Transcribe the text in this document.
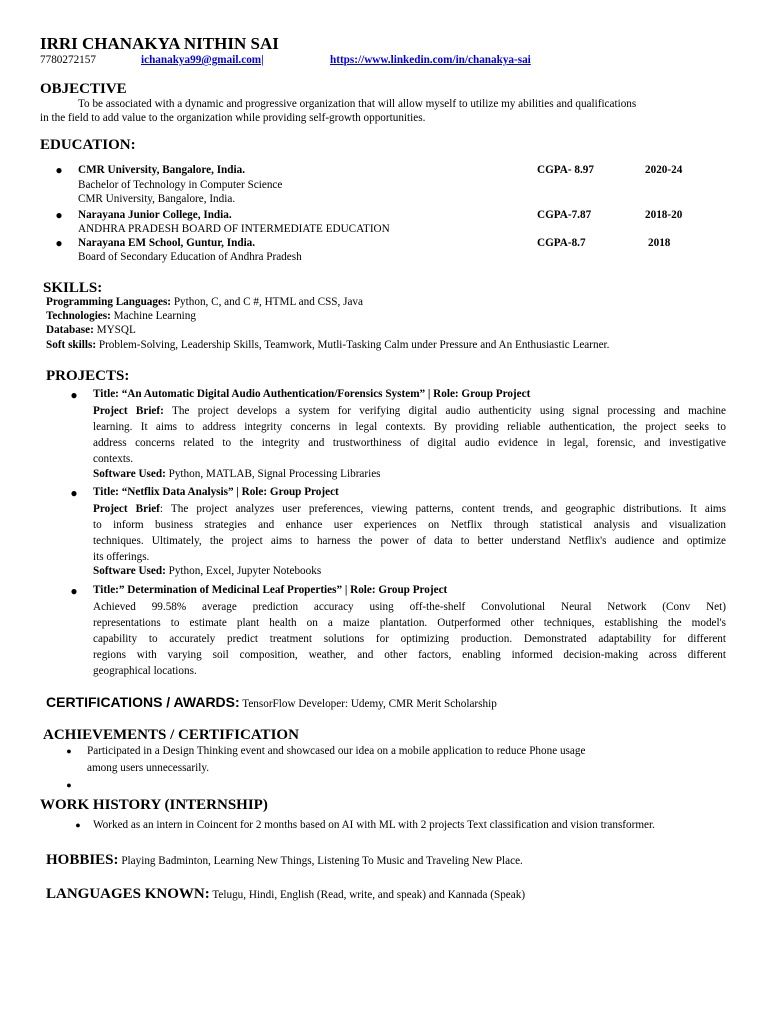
IRRI CHANAKYA NITHIN SAI
7780272157	ichanakya99@gmail.com|	https://www.linkedin.com/in/chanakya-sai
OBJECTIVE
To be associated with a dynamic and progressive organization that will allow myself to utilize my abilities and qualifications
in the field to add value to the organization while providing self-growth opportunities.
EDUCATION:
● CMR University, Bangalore, India.	CGPA- 8.97	2020-24
Bachelor of Technology in Computer Science
CMR University, Bangalore, India.
● Narayana Junior College, India.	CGPA-7.87	2018-20
ANDHRA PRADESH BOARD OF INTERMEDIATE EDUCATION
● Narayana EM School, Guntur, India.	CGPA-8.7	2018
Board of Secondary Education of Andhra Pradesh
SKILLS:
Programming Languages: Python, C, and C #, HTML and CSS, Java
Technologies: Machine Learning
Database: MYSQL
Soft skills: Problem-Solving, Leadership Skills, Teamwork, Mutli-Tasking Calm under Pressure and An Enthusiastic Learner.
PROJECTS:
● Title: “An Automatic Digital Audio Authentication/Forensics System” | Role: Group Project
Project Brief: The project develops a system for verifying digital audio authenticity using signal processing and machine
learning. It aims to address integrity concerns in legal contexts. By providing reliable authentication, the project seeks to
address concerns related to the integrity and trustworthiness of digital audio evidence in legal, forensic, and investigative
contexts.
Software Used: Python, MATLAB, Signal Processing Libraries
● Title: “Netflix Data Analysis” | Role: Group Project
Project Brief: The project analyzes user preferences, viewing patterns, content trends, and geographic distributions. It aims
to inform business strategies and enhance user experiences on Netflix through statistical analysis and visualization
techniques. Ultimately, the project aims to harness the power of data to better understand Netflix's audience and optimize
its offerings.
Software Used: Python, Excel, Jupyter Notebooks
● Title:” Determination of Medicinal Leaf Properties” | Role: Group Project
Achieved 99.58% average prediction accuracy using off-the-shelf Convolutional Neural Network (Conv Net)
representations to estimate plant health on a maize plantation. Outperformed other techniques, establishing the model's
capability to accurately predict treatment solutions for optimizing production. Demonstrated adaptability for different
regions with varying soil composition, weather, and other factors, enabling informed decision-making across different
geographical locations.
CERTIFICATIONS / AWARDS: TensorFlow Developer: Udemy, CMR Merit Scholarship
ACHIEVEMENTS / CERTIFICATION
● Participated in a Design Thinking event and showcased our idea on a mobile application to reduce Phone usage
among users unnecessarily.
●
WORK HISTORY (INTERNSHIP)
● Worked as an intern in Coincent for 2 months based on AI with ML with 2 projects Text classification and vision transformer.
HOBBIES: Playing Badminton, Learning New Things, Listening To Music and Traveling New Place.
LANGUAGES KNOWN: Telugu, Hindi, English (Read, write, and speak) and Kannada (Speak)
